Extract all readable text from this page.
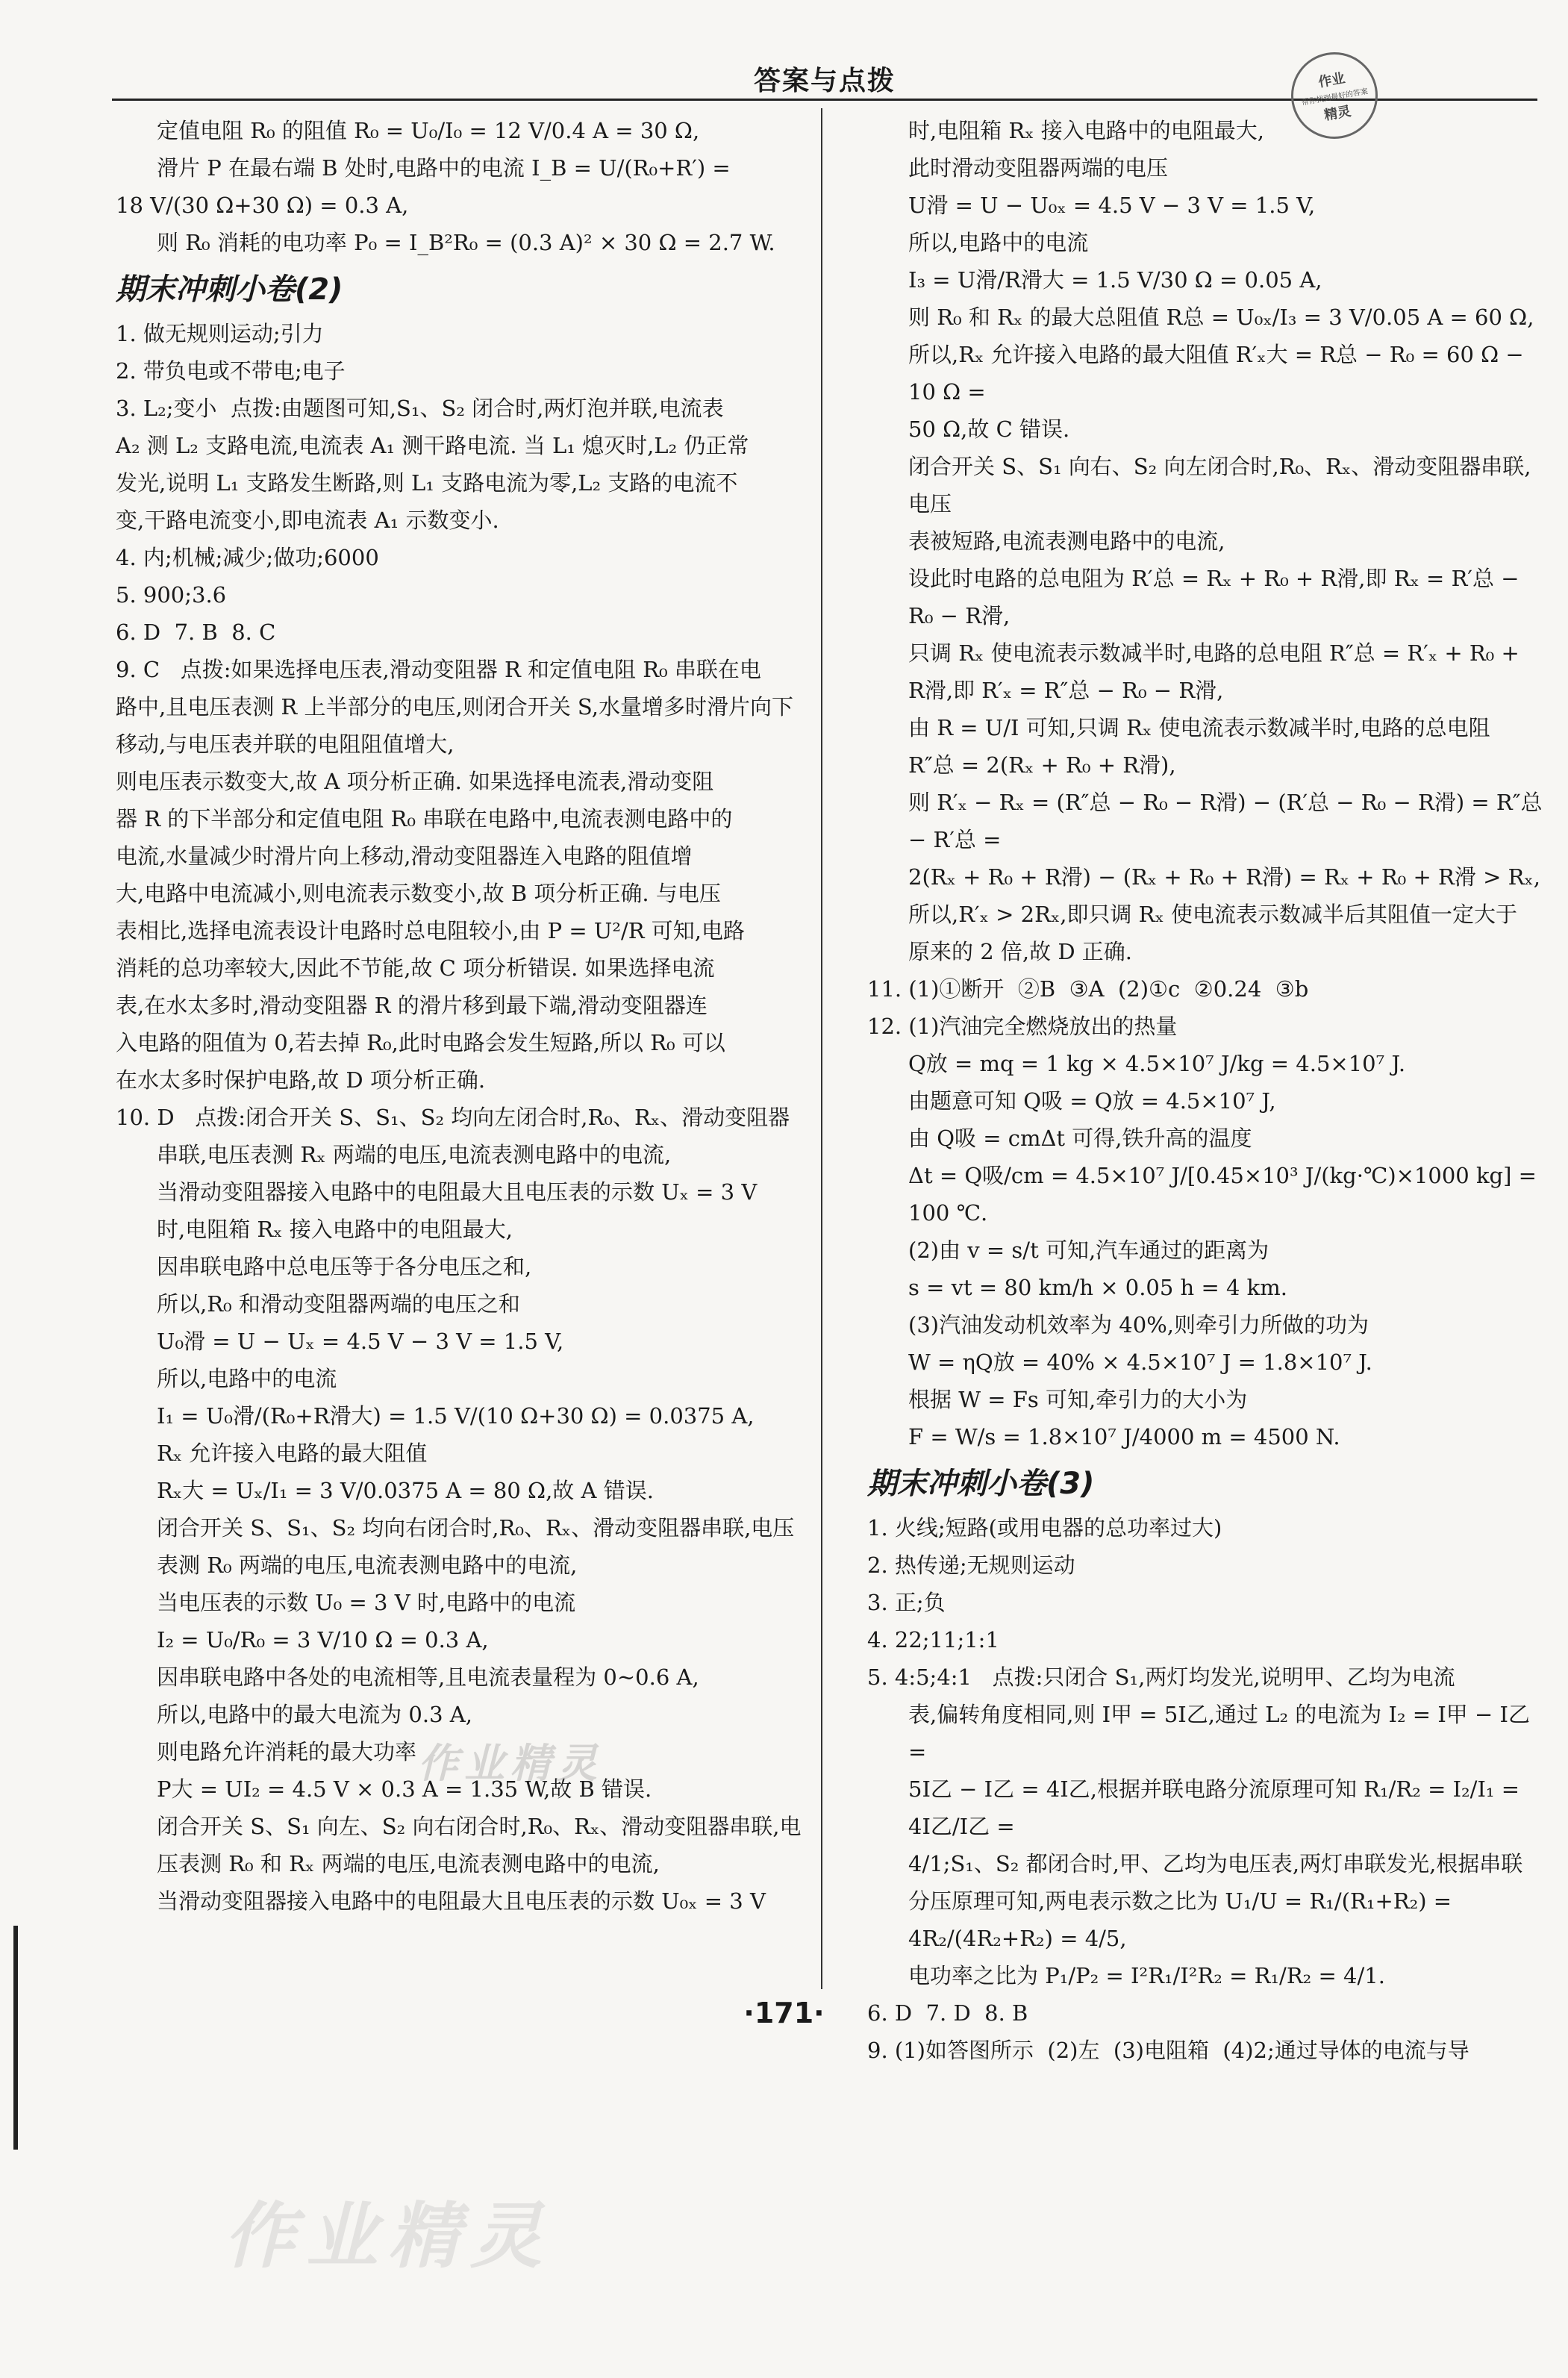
答案与点拨	作业
帮你找到最好的答案
精灵
定值电阻 R₀ 的阻值 R₀ = U₀/I₀ = 12 V/0.4 A = 30 Ω,
滑片 P 在最右端 B 处时,电路中的电流 I_B = U/(R₀+R′) =
18 V/(30 Ω+30 Ω) = 0.3 A,
则 R₀ 消耗的电功率 P₀ = I_B²R₀ = (0.3 A)² × 30 Ω = 2.7 W.
期末冲刺小卷(2)
1. 做无规则运动;引力
2. 带负电或不带电;电子
3. L₂;变小  点拨:由题图可知,S₁、S₂ 闭合时,两灯泡并联,电流表
A₂ 测 L₂ 支路电流,电流表 A₁ 测干路电流. 当 L₁ 熄灭时,L₂ 仍正常
发光,说明 L₁ 支路发生断路,则 L₁ 支路电流为零,L₂ 支路的电流不
变,干路电流变小,即电流表 A₁ 示数变小.
4. 内;机械;减少;做功;6000
5. 900;3.6
6. D  7. B  8. C
9. C   点拨:如果选择电压表,滑动变阻器 R 和定值电阻 R₀ 串联在电
路中,且电压表测 R 上半部分的电压,则闭合开关 S,水量增多时滑片向下移动,与电压表并联的电阻阻值增大,
则电压表示数变大,故 A 项分析正确. 如果选择电流表,滑动变阻
器 R 的下半部分和定值电阻 R₀ 串联在电路中,电流表测电路中的
电流,水量减少时滑片向上移动,滑动变阻器连入电路的阻值增
大,电路中电流减小,则电流表示数变小,故 B 项分析正确. 与电压
表相比,选择电流表设计电路时总电阻较小,由 P = U²/R 可知,电路
消耗的总功率较大,因此不节能,故 C 项分析错误. 如果选择电流
表,在水太多时,滑动变阻器 R 的滑片移到最下端,滑动变阻器连
入电路的阻值为 0,若去掉 R₀,此时电路会发生短路,所以 R₀ 可以
在水太多时保护电路,故 D 项分析正确.
10. D   点拨:闭合开关 S、S₁、S₂ 均向左闭合时,R₀、Rₓ、滑动变阻器
串联,电压表测 Rₓ 两端的电压,电流表测电路中的电流,
当滑动变阻器接入电路中的电阻最大且电压表的示数 Uₓ = 3 V
时,电阻箱 Rₓ 接入电路中的电阻最大,
因串联电路中总电压等于各分电压之和,
所以,R₀ 和滑动变阻器两端的电压之和
U₀滑 = U − Uₓ = 4.5 V − 3 V = 1.5 V,
所以,电路中的电流
I₁ = U₀滑/(R₀+R滑大) = 1.5 V/(10 Ω+30 Ω) = 0.0375 A,
Rₓ 允许接入电路的最大阻值
Rₓ大 = Uₓ/I₁ = 3 V/0.0375 A = 80 Ω,故 A 错误.
闭合开关 S、S₁、S₂ 均向右闭合时,R₀、Rₓ、滑动变阻器串联,电压
表测 R₀ 两端的电压,电流表测电路中的电流,
当电压表的示数 U₀ = 3 V 时,电路中的电流
I₂ = U₀/R₀ = 3 V/10 Ω = 0.3 A,
因串联电路中各处的电流相等,且电流表量程为 0~0.6 A,
所以,电路中的最大电流为 0.3 A,
则电路允许消耗的最大功率
P大 = UI₂ = 4.5 V × 0.3 A = 1.35 W,故 B 错误.
闭合开关 S、S₁ 向左、S₂ 向右闭合时,R₀、Rₓ、滑动变阻器串联,电
压表测 R₀ 和 Rₓ 两端的电压,电流表测电路中的电流,
当滑动变阻器接入电路中的电阻最大且电压表的示数 U₀ₓ = 3 V
时,电阻箱 Rₓ 接入电路中的电阻最大,
此时滑动变阻器两端的电压
U滑 = U − U₀ₓ = 4.5 V − 3 V = 1.5 V,
所以,电路中的电流
I₃ = U滑/R滑大 = 1.5 V/30 Ω = 0.05 A,
则 R₀ 和 Rₓ 的最大总阻值 R总 = U₀ₓ/I₃ = 3 V/0.05 A = 60 Ω,
所以,Rₓ 允许接入电路的最大阻值 R′ₓ大 = R总 − R₀ = 60 Ω − 10 Ω =
50 Ω,故 C 错误.
闭合开关 S、S₁ 向右、S₂ 向左闭合时,R₀、Rₓ、滑动变阻器串联,电压
表被短路,电流表测电路中的电流,
设此时电路的总电阻为 R′总 = Rₓ + R₀ + R滑,即 Rₓ = R′总 −
R₀ − R滑,
只调 Rₓ 使电流表示数减半时,电路的总电阻 R″总 = R′ₓ + R₀ +
R滑,即 R′ₓ = R″总 − R₀ − R滑,
由 R = U/I 可知,只调 Rₓ 使电流表示数减半时,电路的总电阻
R″总 = 2(Rₓ + R₀ + R滑),
则 R′ₓ − Rₓ = (R″总 − R₀ − R滑) − (R′总 − R₀ − R滑) = R″总 − R′总 =
2(Rₓ + R₀ + R滑) − (Rₓ + R₀ + R滑) = Rₓ + R₀ + R滑 > Rₓ,
所以,R′ₓ > 2Rₓ,即只调 Rₓ 使电流表示数减半后其阻值一定大于
原来的 2 倍,故 D 正确.
11. (1)①断开  ②B  ③A  (2)①c  ②0.24  ③b
12. (1)汽油完全燃烧放出的热量
Q放 = mq = 1 kg × 4.5×10⁷ J/kg = 4.5×10⁷ J.
由题意可知 Q吸 = Q放 = 4.5×10⁷ J,
由 Q吸 = cmΔt 可得,铁升高的温度
Δt = Q吸/cm = 4.5×10⁷ J/[0.45×10³ J/(kg·℃)×1000 kg] = 100 ℃.
(2)由 v = s/t 可知,汽车通过的距离为
s = vt = 80 km/h × 0.05 h = 4 km.
(3)汽油发动机效率为 40%,则牵引力所做的功为
W = ηQ放 = 40% × 4.5×10⁷ J = 1.8×10⁷ J.
根据 W = Fs 可知,牵引力的大小为
F = W/s = 1.8×10⁷ J/4000 m = 4500 N.
期末冲刺小卷(3)
1. 火线;短路(或用电器的总功率过大)
2. 热传递;无规则运动
3. 正;负
4. 22;11;1:1
5. 4:5;4:1   点拨:只闭合 S₁,两灯均发光,说明甲、乙均为电流
表,偏转角度相同,则 I甲 = 5I乙,通过 L₂ 的电流为 I₂ = I甲 − I乙 =
5I乙 − I乙 = 4I乙,根据并联电路分流原理可知 R₁/R₂ = I₂/I₁ = 4I乙/I乙 =
4/1;S₁、S₂ 都闭合时,甲、乙均为电压表,两灯串联发光,根据串联
分压原理可知,两电表示数之比为 U₁/U = R₁/(R₁+R₂) = 4R₂/(4R₂+R₂) = 4/5,
电功率之比为 P₁/P₂ = I²R₁/I²R₂ = R₁/R₂ = 4/1.
6. D  7. D  8. B
9. (1)如答图所示  (2)左  (3)电阻箱  (4)2;通过导体的电流与导
作业精灵
作业精灵
·171·
